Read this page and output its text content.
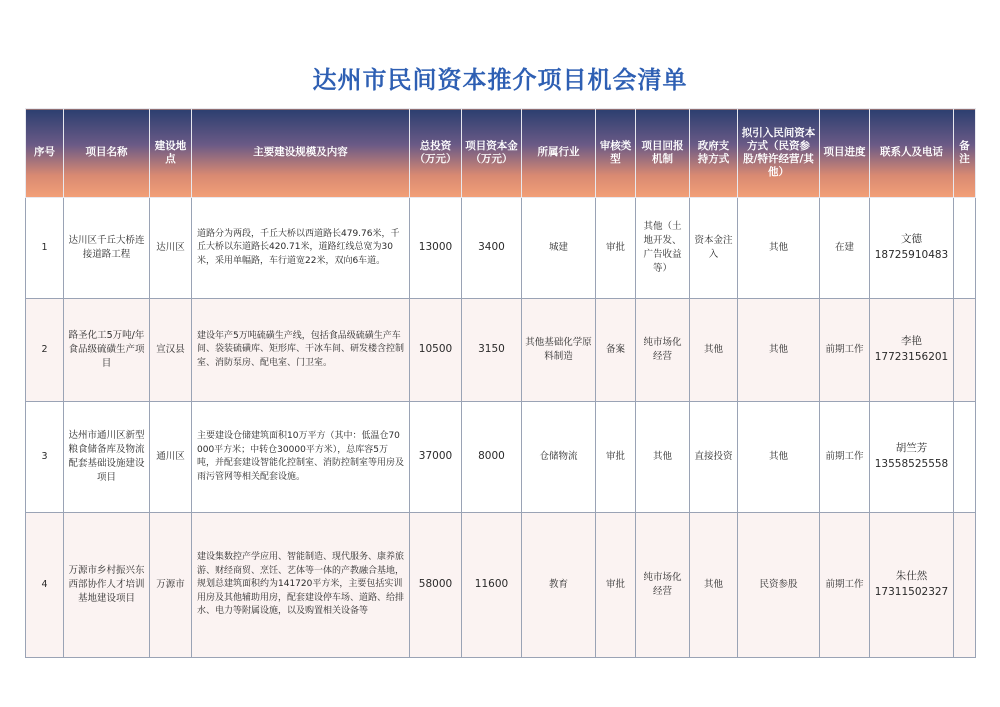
达州市民间资本推介项目机会清单
序号	项目名称	建设地点	主要建设规模及内容	总投资（万元）	项目资本金（万元）	所属行业	审核类型	项目回报机制	政府支持方式	拟引入民间资本方式（民资参股/特许经营/其他）	项目进度	联系人及电话	备注
1	达川区千丘大桥连接道路工程	达川区	道路分为两段，千丘大桥以西道路长479.76米，千丘大桥以东道路长420.71米，道路红线总宽为30米，采用单幅路，车行道宽22米，双向6车道。	13000	3400	城建	审批	其他（土地开发、广告收益等）	资本金注入	其他	在建	文德
18725910483	

2	路圣化工5万吨/年食品级硫磺生产项目	宣汉县	建设年产5万吨硫磺生产线，包括食品级硫磺生产车间、袋装硫磺库、矩形库、干冰车间、研发楼含控制室、消防泵房、配电室、门卫室。	10500	3150	其他基础化学原料制造	备案	纯市场化经营	其他	其他	前期工作	李艳
17723156201	

3	达州市通川区新型粮食储备库及物流配套基础设施建设项目	通川区	主要建设仓储建筑面积10万平方（其中：低温仓70000平方米；中转仓30000平方米），总库容5万吨，并配套建设智能化控制室、消防控制室等用房及雨污管网等相关配套设施。	37000	8000	仓储物流	审批	其他	直接投资	其他	前期工作	胡竺芳
13558525558	

4	万源市乡村振兴东西部协作人才培训基地建设项目	万源市	建设集数控产学应用、智能制造、现代服务、康养旅游、财经商贸、烹饪、艺体等一体的产教融合基地，规划总建筑面积约为141720平方米，主要包括实训用房及其他辅助用房，配套建设停车场、道路、给排水、电力等附属设施，以及购置相关设备等	58000	11600	教育	审批	纯市场化经营	其他	民资参股	前期工作	朱仕然
17311502327	
